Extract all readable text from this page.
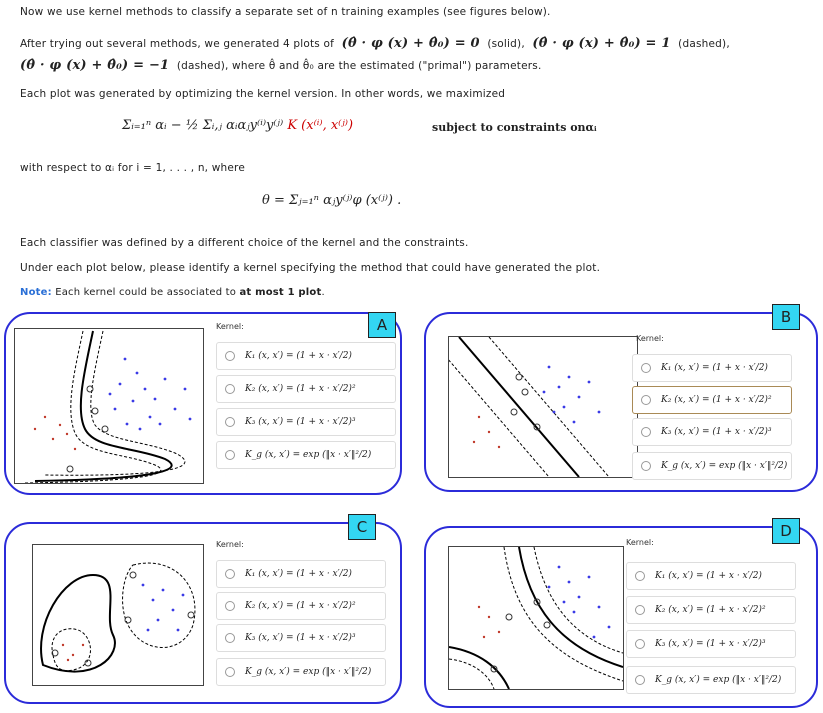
Now we use kernel methods to classify a separate set of n training examples (see figures below).
After trying out several methods, we generated 4 plots of (θ̂ · φ (x) + θ̂₀) = 0 (solid), (θ̂ · φ (x) + θ̂₀) = 1 (dashed),
(θ̂ · φ (x) + θ̂₀) = −1 (dashed), where θ̂ and θ̂₀ are the estimated ("primal") parameters.
Each plot was generated by optimizing the kernel version. In other words, we maximized
Σᵢ₌₁ⁿ αᵢ − ½ Σᵢ,ⱼ αᵢαⱼy⁽ⁱ⁾y⁽ʲ⁾ K (x⁽ⁱ⁾, x⁽ʲ⁾)	subject to constraints onαᵢ
with respect to αᵢ for i = 1, . . . , n, where
θ = Σⱼ₌₁ⁿ αⱼy⁽ʲ⁾φ (x⁽ʲ⁾) .
Each classifier was defined by a different choice of the kernel and the constraints.
Under each plot below, please identify a kernel specifying the method that could have generated the plot.
Note: Each kernel could be associated to at most 1 plot.
A
Kernel:
K₁ (x, x′) = (1 + x · x′/2)
K₂ (x, x′) = (1 + x · x′/2)²
K₃ (x, x′) = (1 + x · x′/2)³
K_g (x, x′) = exp (‖x · x′‖²/2)
B
Kernel:
K₁ (x, x′) = (1 + x · x′/2)
K₂ (x, x′) = (1 + x · x′/2)²
K₃ (x, x′) = (1 + x · x′/2)³
K_g (x, x′) = exp (‖x · x′‖²/2)
C
Kernel:
K₁ (x, x′) = (1 + x · x′/2)
K₂ (x, x′) = (1 + x · x′/2)²
K₃ (x, x′) = (1 + x · x′/2)³
K_g (x, x′) = exp (‖x · x′‖²/2)
D
Kernel:
K₁ (x, x′) = (1 + x · x′/2)
K₂ (x, x′) = (1 + x · x′/2)²
K₃ (x, x′) = (1 + x · x′/2)³
K_g (x, x′) = exp (‖x · x′‖²/2)
